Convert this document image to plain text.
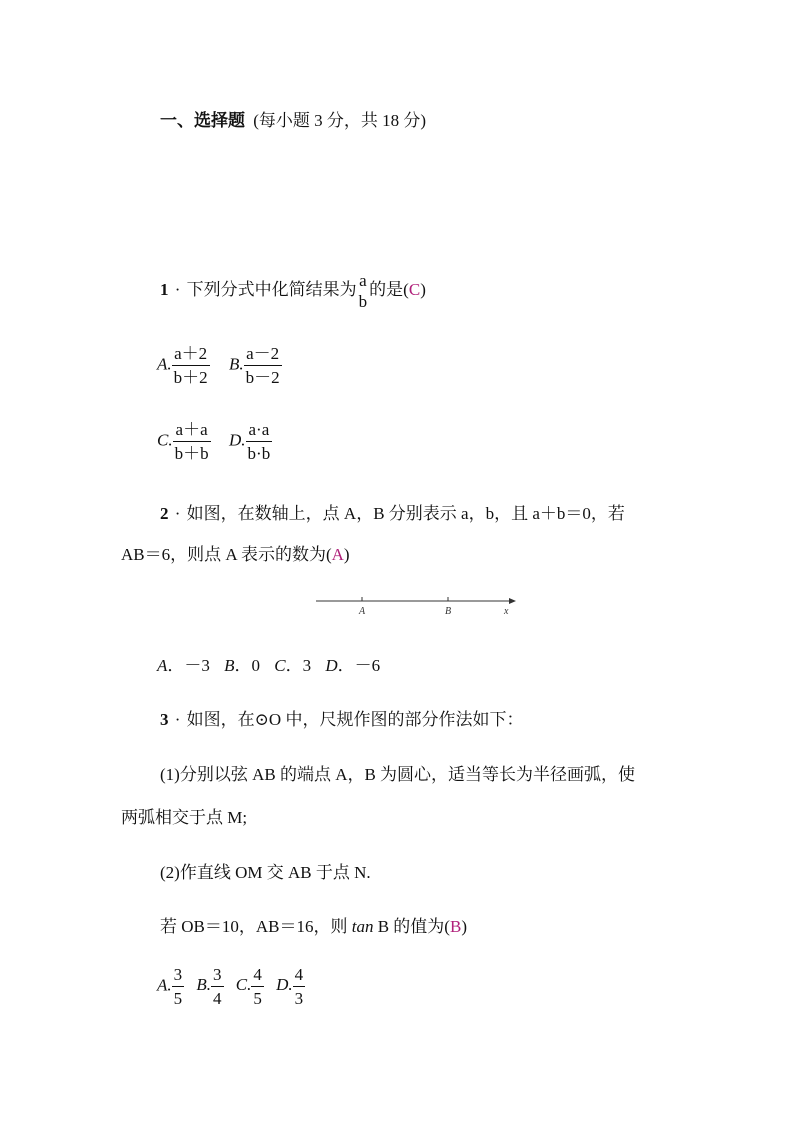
一、选择题 (每小题 3 分，共 18 分)
1 · 下列分式中化简结果为 a
b
的是(C)
A. $\frac{a+2}{b+2} B$. $\frac{a-2}{b-2}$
C. $\frac{a+a}{b+b} D$. $\frac{a\cdot a}{b\cdot b}$
2 · 如图，在数轴上，点 A，B 分别表示 a，b，且 a＋b＝0，若
AB＝6，则点 A 表示的数为(A)
A	B	x
A．－3 B．0 C．3 D．－6
3 · 如图，在⊙O 中，尺规作图的部分作法如下：
(1)分别以弦 AB 的端点 A，B 为圆心，适当等长为半径画弧，使
两弧相交于点 M;
(2)作直线 OM 交 AB 于点 N.
若 OB＝10，AB＝16，则 tan B 的值为(B)
A. $\frac{3}{5} B$. $\frac{3}{4} C$. $\frac{4}{5} D$. $\frac{4}{3}$
